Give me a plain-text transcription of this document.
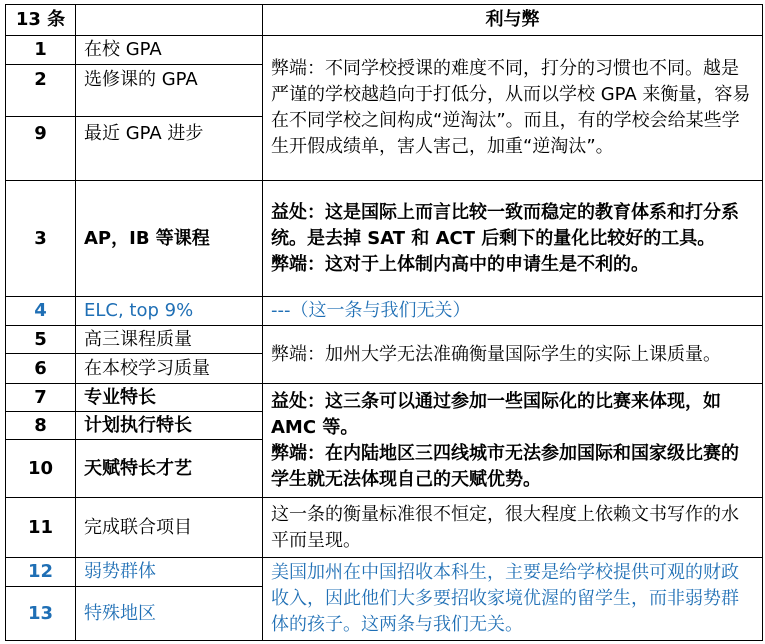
13 条		利与弊
1	在校 GPA	弊端：不同学校授课的难度不同，打分的习惯也不同。越是严谨的学校越趋向于打低分，从而以学校 GPA 来衡量，容易在不同学校之间构成“逆淘汰”。而且，有的学校会给某些学生开假成绩单，害人害己，加重“逆淘汰”。

2	选修课的 GPA	
9	最近 GPA 进步	
3	AP，IB 等课程	益处：这是国际上而言比较一致而稳定的教育体系和打分系统。是去掉 SAT 和 ACT 后剩下的量化比较好的工具。

弊端：这对于上体制内高中的申请生是不利的。

4	ELC, top 9%	---（这一条与我们无关）
5	高三课程质量	弊端：加州大学无法准确衡量国际学生的实际上课质量。

6	在本校学习质量	
7	专业特长	益处：这三条可以通过参加一些国际化的比赛来体现，如 AMC 等。

弊端：在内陆地区三四线城市无法参加国际和国家级比赛的学生就无法体现自己的天赋优势。

8	计划执行特长	
10	天赋特长才艺	
11	完成联合项目	这一条的衡量标准很不恒定，很大程度上依赖文书写作的水平而呈现。

12	弱势群体	美国加州在中国招收本科生，主要是给学校提供可观的财政收入，因此他们大多要招收家境优渥的留学生，而非弱势群体的孩子。这两条与我们无关。

13	特殊地区	
